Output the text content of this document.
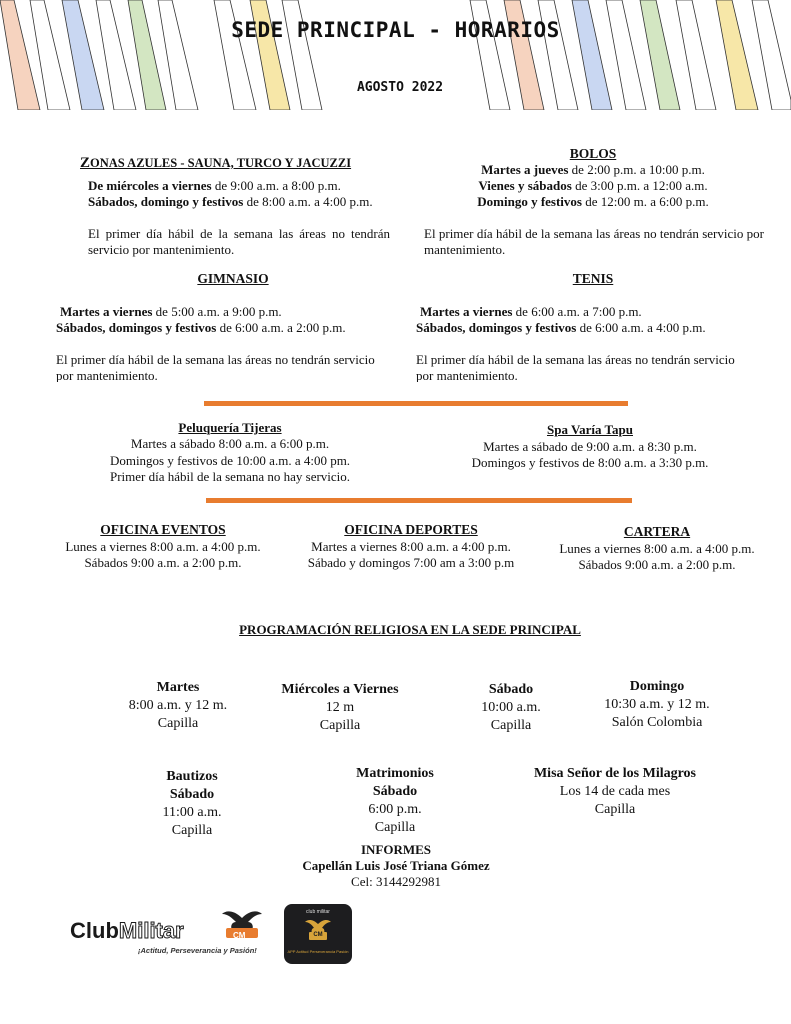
SEDE PRINCIPAL - HORARIOS
AGOSTO 2022
ZONAS AZULES - SAUNA, TURCO Y JACUZZI
De miércoles a viernes de 9:00 a.m. a 8:00 p.m.
Sábados, domingo y festivos de 8:00 a.m. a 4:00 p.m.
El primer día hábil de la semana las áreas no tendrán servicio por mantenimiento.
BOLOS
Martes a jueves de 2:00 p.m. a 10:00 p.m.
Vienes y sábados de 3:00 p.m. a 12:00 a.m.
Domingo y festivos de 12:00 m. a 6:00 p.m.
El primer día hábil de la semana las áreas no tendrán servicio por mantenimiento.
GIMNASIO
Martes a viernes de 5:00 a.m. a 9:00 p.m.
Sábados, domingos y festivos de 6:00 a.m. a 2:00 p.m.
El primer día hábil de la semana las áreas no tendrán servicio
por mantenimiento.
TENIS
Martes a viernes de 6:00 a.m. a 7:00 p.m.
Sábados, domingos y festivos de 6:00 a.m. a 4:00 p.m.
El primer día hábil de la semana las áreas no tendrán servicio
por mantenimiento.
Peluquería Tijeras
Martes a sábado 8:00 a.m. a 6:00 p.m.
Domingos y festivos de 10:00 a.m. a 4:00 pm.
Primer día hábil de la semana no hay servicio.
Spa Varía Tapu
Martes a sábado de 9:00 a.m. a 8:30 p.m.
Domingos y festivos de 8:00 a.m. a 3:30 p.m.
OFICINA EVENTOS
Lunes a viernes 8:00 a.m. a 4:00 p.m.
Sábados 9:00 a.m. a 2:00 p.m.
OFICINA DEPORTES
Martes a viernes 8:00 a.m. a 4:00 p.m.
Sábado y domingos 7:00 am a 3:00 p.m
CARTERA
Lunes a viernes 8:00 a.m. a 4:00 p.m.
Sábados 9:00 a.m. a 2:00 p.m.
PROGRAMACIÓN RELIGIOSA EN LA SEDE PRINCIPAL
Martes
8:00 a.m. y 12 m.
Capilla
Miércoles a Viernes
12 m
Capilla
Sábado
10:00 a.m.
Capilla
Domingo
10:30 a.m. y 12 m.
Salón Colombia
Bautizos
Sábado
11:00 a.m.
Capilla
Matrimonios
Sábado
6:00 p.m.
Capilla
Misa Señor de los Milagros
Los 14 de cada mes
Capilla
INFORMES
Capellán Luis José Triana Gómez
Cel: 3144292981
ClubMilitar	CM
¡Actitud, Perseverancia y Pasión!
club militar
CM
APP Actitud Perseverancia Pasión
